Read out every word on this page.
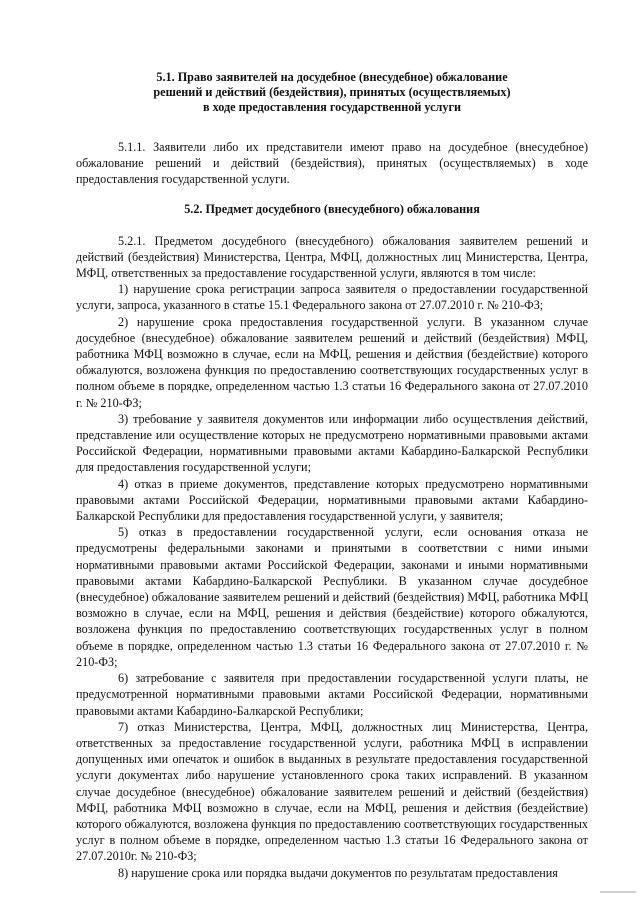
5.1. Право заявителей на досудебное (внесудебное) обжалование
решений и действий (бездействия), принятых (осуществляемых)
в ходе предоставления государственной услуги

5.1.1. Заявители либо их представители имеют право на досудебное (внесудебное) обжалование решений и действий (бездействия), принятых (осуществляемых) в ходе предоставления государственной услуги.

5.2. Предмет досудебного (внесудебного) обжалования

5.2.1. Предметом досудебного (внесудебного) обжалования заявителем решений и действий (бездействия) Министерства, Центра, МФЦ, должностных лиц Министерства, Центра, МФЦ, ответственных за предоставление государственной услуги, являются в том числе:

1) нарушение срока регистрации запроса заявителя о предоставлении государственной услуги, запроса, указанного в статье 15.1 Федерального закона от 27.07.2010 г. № 210-ФЗ;

2) нарушение срока предоставления государственной услуги. В указанном случае досудебное (внесудебное) обжалование заявителем решений и действий (бездействия) МФЦ, работника МФЦ возможно в случае, если на МФЦ, решения и действия (бездействие) которого обжалуются, возложена функция по предоставлению соответствующих государственных услуг в полном объеме в порядке, определенном частью 1.3 статьи 16 Федерального закона от 27.07.2010 г. № 210-ФЗ;

3) требование у заявителя документов или информации либо осуществления действий, представление или осуществление которых не предусмотрено нормативными правовыми актами Российской Федерации, нормативными правовыми актами Кабардино-Балкарской Республики для предоставления государственной услуги;

4) отказ в приеме документов, представление которых предусмотрено нормативными правовыми актами Российской Федерации, нормативными правовыми актами Кабардино-Балкарской Республики для предоставления государственной услуги, у заявителя;

5) отказ в предоставлении государственной услуги, если основания отказа не предусмотрены федеральными законами и принятыми в соответствии с ними иными нормативными правовыми актами Российской Федерации, законами и иными нормативными правовыми актами Кабардино-Балкарской Республики. В указанном случае досудебное (внесудебное) обжалование заявителем решений и действий (бездействия) МФЦ, работника МФЦ возможно в случае, если на МФЦ, решения и действия (бездействие) которого обжалуются, возложена функция по предоставлению соответствующих государственных услуг в полном объеме в порядке, определенном частью 1.3 статьи 16 Федерального закона от 27.07.2010 г. № 210-ФЗ;

6) затребование с заявителя при предоставлении государственной услуги платы, не предусмотренной нормативными правовыми актами Российской Федерации, нормативными правовыми актами Кабардино-Балкарской Республики;

7) отказ Министерства, Центра, МФЦ, должностных лиц Министерства, Центра, ответственных за предоставление государственной услуги, работника МФЦ в исправлении допущенных ими опечаток и ошибок в выданных в результате предоставления государственной услуги документах либо нарушение установленного срока таких исправлений. В указанном случае досудебное (внесудебное) обжалование заявителем решений и действий (бездействия) МФЦ, работника МФЦ возможно в случае, если на МФЦ, решения и действия (бездействие) которого обжалуются, возложена функция по предоставлению соответствующих государственных услуг в полном объеме в порядке, определенном частью 1.3 статьи 16 Федерального закона от 27.07.2010г. № 210-ФЗ;

8) нарушение срока или порядка выдачи документов по результатам предоставления
